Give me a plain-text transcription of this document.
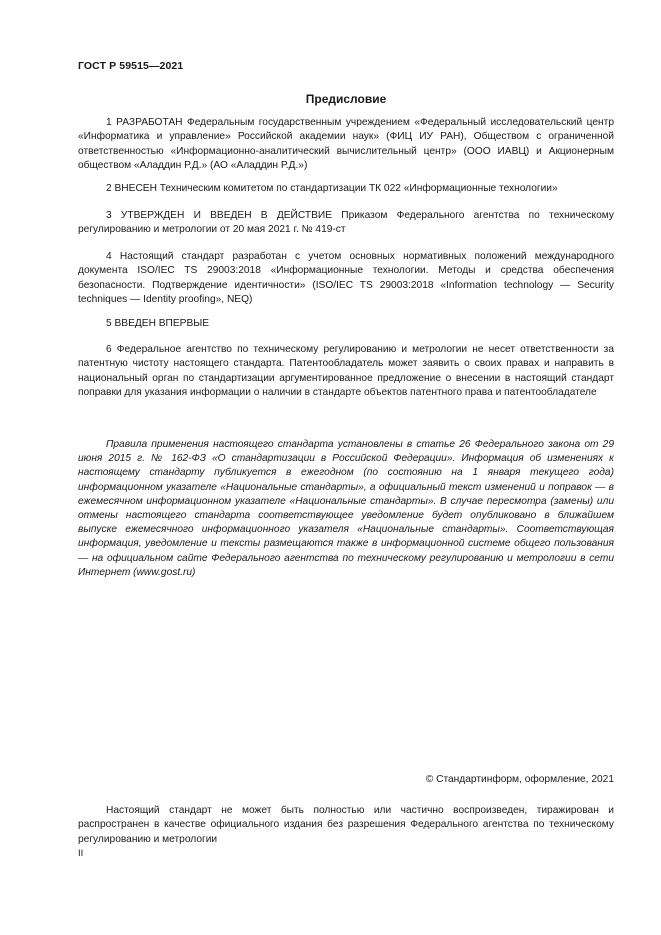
ГОСТ Р 59515—2021
Предисловие

1 РАЗРАБОТАН Федеральным государственным учреждением «Федеральный исследовательский центр «Информатика и управление» Российской академии наук» (ФИЦ ИУ РАН), Обществом с ограниченной ответственностью «Информационно-аналитический вычислительный центр» (ООО ИАВЦ) и Акционерным обществом «Аладдин Р.Д.» (АО «Аладдин Р.Д.»)

2 ВНЕСЕН Техническим комитетом по стандартизации ТК 022 «Информационные технологии»

3 УТВЕРЖДЕН И ВВЕДЕН В ДЕЙСТВИЕ Приказом Федерального агентства по техническому регулированию и метрологии от 20 мая 2021 г. № 419-ст

4 Настоящий стандарт разработан с учетом основных нормативных положений международного документа ISO/IEC TS 29003:2018 «Информационные технологии. Методы и средства обеспечения безопасности. Подтверждение идентичности» (ISO/IEC TS 29003:2018 «Information technology — Security techniques — Identity proofing», NEQ)

5 ВВЕДЕН ВПЕРВЫЕ

6 Федеральное агентство по техническому регулированию и метрологии не несет ответственности за патентную чистоту настоящего стандарта. Патентообладатель может заявить о своих правах и направить в национальный орган по стандартизации аргументированное предложение о внесении в настоящий стандарт поправки для указания информации о наличии в стандарте объектов патентного права и патентообладателе

Правила применения настоящего стандарта установлены в статье 26 Федерального закона от 29 июня 2015 г. № 162-ФЗ «О стандартизации в Российской Федерации». Информация об изменениях к настоящему стандарту публикуется в ежегодном (по состоянию на 1 января текущего года) информационном указателе «Национальные стандарты», а официальный текст изменений и поправок — в ежемесячном информационном указателе «Национальные стандарты». В случае пересмотра (замены) или отмены настоящего стандарта соответствующее уведомление будет опубликовано в ближайшем выпуске ежемесячного информационного указателя «Национальные стандарты». Соответствующая информация, уведомление и тексты размещаются также в информационной системе общего пользования — на официальном сайте Федерального агентства по техническому регулированию и метрологии в сети Интернет (www.gost.ru)

© Стандартинформ, оформление, 2021

Настоящий стандарт не может быть полностью или частично воспроизведен, тиражирован и распространен в качестве официального издания без разрешения Федерального агентства по техническому регулированию и метрологии

II
